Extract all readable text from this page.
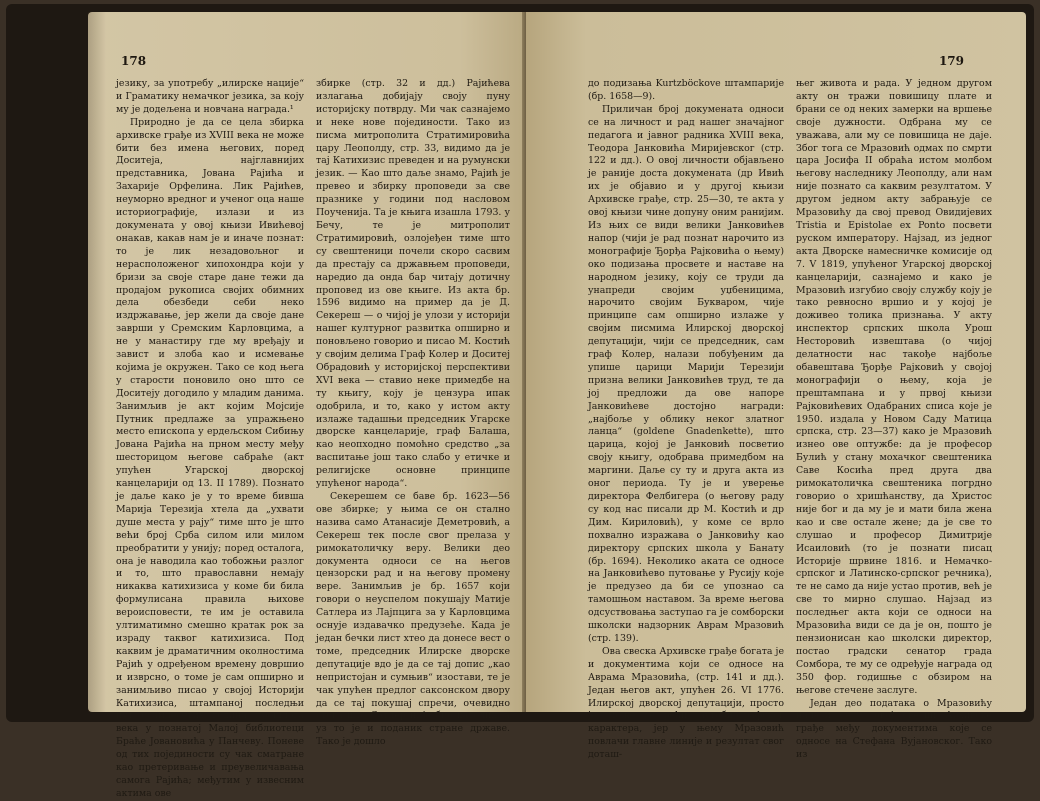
178

језику, за употребу „илирске нације“ и Граматику немачког језика, за коју му је додељена и новчана награда.¹

Природно је да се цела збирка архивске грађе из XVIII века не може бити без имена његових, поред Доситеја, најглавнијих представника, Јована Рајића и Захарије Орфелина. Лик Рајићев, неуморно вредног и ученог оца наше историографије, излази и из докумената у овој књизи Ивићевој онакав, какав нам је и иначе познат: то је лик незадовољног и нерасположеног хипохондра који у бризи за своје старе дане тежи да продајом рукописа својих обимних дела обезбеди себи неко издржавање, јер жели да своје дане заврши у Сремским Карловцима, а не у манастиру где му вређају и завист и злоба као и исмевање којима је окружен. Тако се код њега у старости поновило оно што се Доситеју догодило у младим данима. Занимљив је акт којим Мојсије Путник предлаже за упражњено место епископа у ердељском Сибињу Јована Рајића на прном месту међу шесторицом његове сабраће (акт упућен Угарској дворској канцеларији од 13. II 1789). Познато је даље како је у то време бивша Марија Терезија хтела да „ухвати душе места у рају“ тиме што је што већи број Срба силом или милом преобратити у унију; поред осталога, она је наводила као тобожњи разлог и то, што православни немају никаква катихизиса у коме би била формулисана правила њихове вероисповести, те им је оставила ултиматимно смешно кратак рок за израду таквог катихизиса. Под каквим је драматичним околностима Рајић у одређеном времену довршио и изврсно, о томе је сам опширно и занимљиво писао у својој Историји Катихизиса, штампаној последњи пут осамдесетих година прошлога века у познатој Малој библиотеци Браће Јовановића у Панчеву. Поневе од тих појединости су чак сматране као претеривање и преувеличавања самога Рајића; међутим у извесним актима ове

збирке (стр. 32 и дд.) Рајићева излагања добијају своју пуну историјску потврду. Ми чак сазнајемо и неке нове појединости. Тако из писма митрополита Стратимировића цару Леополду, стр. 33, видимо да је тај Катихизис преведен и на румунски језик. — Као што даље знамо, Рајић је превео и збирку проповеди за све празнике у години под насловом Поучениjа. Та је књига изашла 1793. у Бечу, те је митрополит Стратимировић, озлојеђен тиме што су свештеници почели скоро сасвим да престају са државњем проповеди, наредио да онда бар читају дотичну проповед из ове књиге. Из акта бр. 1596 видимо на пример да је Д. Секереш — о чијој је улози у историји нашег културног развитка опширно и поновљено говорио и писао М. Костић у својим делима Граф Колер и Доситеј Обрадовић у историјској перспективи XVI века — ставио неке примедбе на ту књигу, коју је цензура ипак одобрила, и то, како у истом акту излаже тадашњи председник Угарске дворске канцеларије, граф Балаша, као неопходно помоћно средство „за васпитање још тако слабо у етичке и религијске основне принципе упућеног народа“.

Секерешем се баве бр. 1623—56 ове збирке; у њима се он стално назива само Атанасије Деметровић, а Секереш тек после свог прелаза у римокатоличку веру. Велики део документа односи се на његов цензорски рад и на његову промену вере. Занимљив је бр. 1657 који говори о неуспелом покушају Матије Сатлера из Лајпцига за у Карловцима оснује издавачко предузеће. Када је један бечки лист хтео да донесе вест о томе, председник Илирске дворске депутације вдо је да се тај допис „као непристојан и сумњив“ изостави, те је чак упућен предлог саксонском двору да се тај покушај спречи, очевидно стога што Сатлер није био католик, а уз то је и поданик стране државе. Тако је дошло

179

до подизања Kurtzböckove штампарије (бр. 1658—9).

Приличан број докумената односи се на личност и рад нашег значајног педагога и јавног радника XVIII века, Теодора Јанковића Миријевског (стр. 122 и дд.). О овој личности објављено је раније доста докумената (др Ивић их је објавио и у другој књизи Архивске грађе, стр. 25—30, те акта у овој књизи чине допуну оним ранијим. Из њих се види велики Јанковићев напор (чији је рад познат нарочито из монографије Ђорђа Рајковића о њему) око подизања просвете и наставе на народном језику, коју се труди да унапреди својим уџбеницима, нарочито својим Букваром, чије принципе сам опширно излаже у својим писмима Илирској дворској депутацији, чији се председник, сам граф Колер, налази побуђеним да упише царици Марији Терезији призна велики Јанковићев труд, те да јој предложи да ове напоре Јанковићеве достојно награди: „најбоље у облику неког златног ланца“ (goldene Gnadenkette), што царица, којој је Јанковић посветио своју књигу, одобрава примедбом на маргини. Даље су ту и друга акта из оног периода. Ту је и уверење директора Фелбигера (о његову раду су код нас писали др М. Костић и др Дим. Кириловић), у коме се врло похвално изражава о Јанковићу као директору српских школа у Банату (бр. 1694). Неколико аката се односе на Јанковићево путовање у Русију које је предузео да би се упознао са тамошњом наставом. За време његова одсуствовања заступао га је сомборски школски надзорник Аврам Мразовић (стр. 139).

Ова свеска Архивске грађе богата је и документима који се односе на Аврама Мразовића, (стр. 141 и дд.). Један његов акт, упућен 26. VI 1776. Илирској дворској депутацији, просто је, може се рећи, аутобиографског карактера, јер у њему Мразовић повлачи главне линије и резултат свог доташ-

њег живота и рада. У једном другом акту он тражи повишицу плате и брани се од неких замерки на вршење своје дужности. Одбрана му се уважава, али му се повишица не даје. Због тога се Мразовић одмах по смрти цара Јосифа II обраћа истом молбом његову наследнику Леополду, али нам није познато са каквим резултатом. У другом једном акту забрањује се Мразовићу да свој превод Овидијевих Tristia и Epistolae ex Ponto посвети руском императору. Најзад, из једног акта Дворске намесничке комисије од 7. V 1819, упућеног Угарској дворској канцеларији, сазнајемо и како је Мразовић изгубио своју службу коју је тако ревносно вршио и у којој је доживео толика признања. У акту инспектор српских школа Урош Несторовић извештава (о чијој делатности нас такође најбоље обавештава Ђорђе Рајковић у својој монографији о њему, која је прештампана и у првој књизи Рајковићевих Одабраних списа које је 1950. издала у Новом Саду Матица српска, стр. 23—37) како је Мразовић изнео ове оптужбе: да је професор Булић у стану мохачког свештеника Саве Косића пред друга два римокатоличка свештеника погрдно говорио о хришћанству, да Христос није бог и да му је и мати била жена као и све остале жене; да је све то слушао и професор Димитрије Исаиловић (то је познати писац Историје шрвине 1816. и Немачко-српског и Латинско-српског речника), те не само да није устао против, већ је све то мирно слушао. Најзад из последњег акта који се односи на Мразовића види се да је он, пошто је пензионисан као школски директор, постао градски сенатор града Сомбора, те му се одређује награда од 350 фор. годишње с обзиром на његове стечене заслуге.

Један део података о Мразовићу налази се у овој свесци Архивске грађе међу документима које се односе на Стефана Вујановског. Тако из
